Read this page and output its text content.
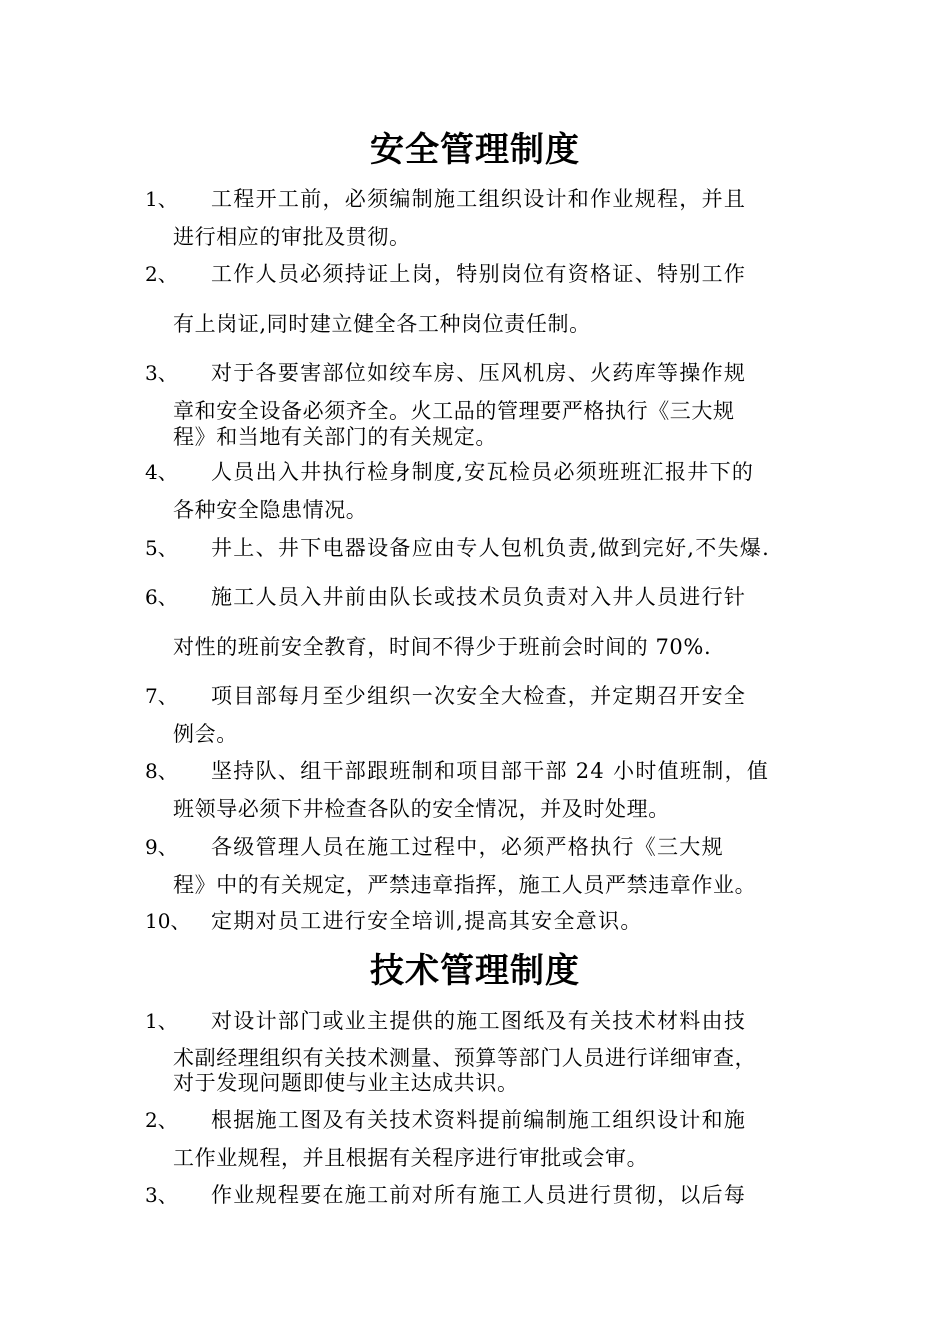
安全管理制度
1、 工程开工前，必须编制施工组织设计和作业规程，并且
进行相应的审批及贯彻。
2、 工作人员必须持证上岗，特别岗位有资格证、特别工作
有上岗证,同时建立健全各工种岗位责任制。
3、 对于各要害部位如绞车房、压风机房、火药库等操作规
章和安全设备必须齐全。火工品的管理要严格执行《三大规
程》和当地有关部门的有关规定。
4、 人员出入井执行检身制度,安瓦检员必须班班汇报井下的
各种安全隐患情况。
5、 井上、井下电器设备应由专人包机负责,做到完好,不失爆.
6、 施工人员入井前由队长或技术员负责对入井人员进行针
对性的班前安全教育，时间不得少于班前会时间的 70%.
7、 项目部每月至少组织一次安全大检查，并定期召开安全
例会。
8、 坚持队、组干部跟班制和项目部干部 24 小时值班制，值
班领导必须下井检查各队的安全情况，并及时处理。
9、 各级管理人员在施工过程中，必须严格执行《三大规
程》中的有关规定，严禁违章指挥，施工人员严禁违章作业。
10、 定期对员工进行安全培训,提高其安全意识。
技术管理制度
1、 对设计部门或业主提供的施工图纸及有关技术材料由技
术副经理组织有关技术测量、预算等部门人员进行详细审查，
对于发现问题即使与业主达成共识。
2、 根据施工图及有关技术资料提前编制施工组织设计和施
工作业规程，并且根据有关程序进行审批或会审。
3、 作业规程要在施工前对所有施工人员进行贯彻，以后每
